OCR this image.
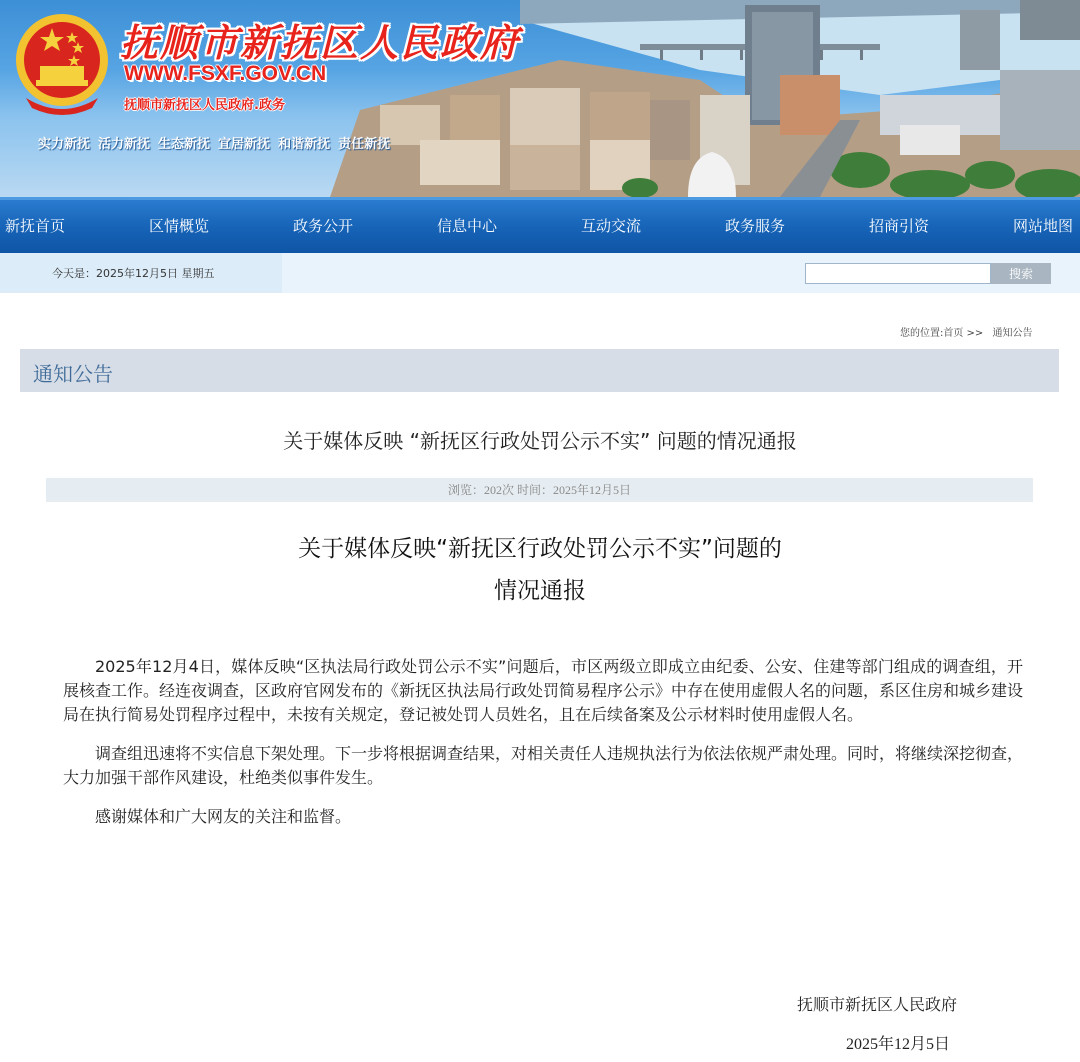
抚顺市新抚区人民政府
WWW.FSXF.GOV.CN
抚顺市新抚区人民政府.政务
实力新抚 活力新抚 生态新抚 宜居新抚 和谐新抚 责任新抚
新抚首页	区情概览	政务公开	信息中心	互动交流	政务服务	招商引资	网站地图
今天是：2025年12月5日 星期五	搜索
您的位置:首页 >> 通知公告
通知公告
关于媒体反映 “新抚区行政处罚公示不实” 问题的情况通报
浏览：202次 时间：2025年12月5日
关于媒体反映“新抚区行政处罚公示不实”问题的
情况通报

2025年12月4日，媒体反映“区执法局行政处罚公示不实”问题后，市区两级立即成立由纪委、公安、住建等部门组成的调查组，开展核查工作。经连夜调查，区政府官网发布的《新抚区执法局行政处罚简易程序公示》中存在使用虚假人名的问题，系区住房和城乡建设局在执行简易处罚程序过程中，未按有关规定，登记被处罚人员姓名，且在后续备案及公示材料时使用虚假人名。

调查组迅速将不实信息下架处理。下一步将根据调查结果，对相关责任人违规执法行为依法依规严肃处理。同时，将继续深挖彻查，大力加强干部作风建设，杜绝类似事件发生。

感谢媒体和广大网友的关注和监督。

抚顺市新抚区人民政府
2025年12月5日
